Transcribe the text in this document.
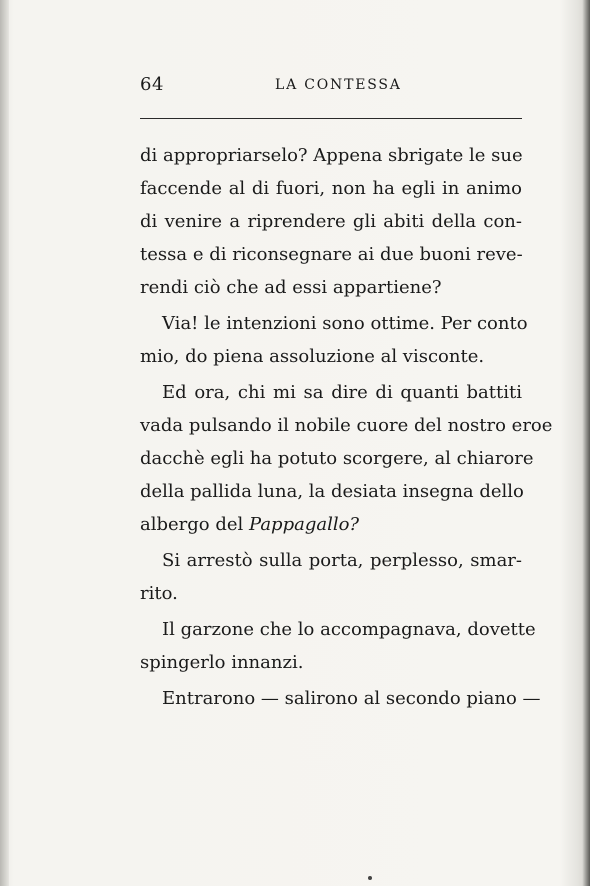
64	LA CONTESSA
di appropriarselo? Appena sbrigate le sue
faccende al di fuori, non ha egli in animo
di venire a riprendere gli abiti della con-
tessa e di riconsegnare ai due buoni reve-
rendi ciò che ad essi appartiene?
Via! le intenzioni sono ottime. Per conto
mio, do piena assoluzione al visconte.
Ed ora, chi mi sa dire di quanti battiti
vada pulsando il nobile cuore del nostro eroe
dacchè egli ha potuto scorgere, al chiarore
della pallida luna, la desiata insegna dello
albergo del Pappagallo?
Si arrestò sulla porta, perplesso, smar-
rito.
Il garzone che lo accompagnava, dovette
spingerlo innanzi.
Entrarono — salirono al secondo piano —
